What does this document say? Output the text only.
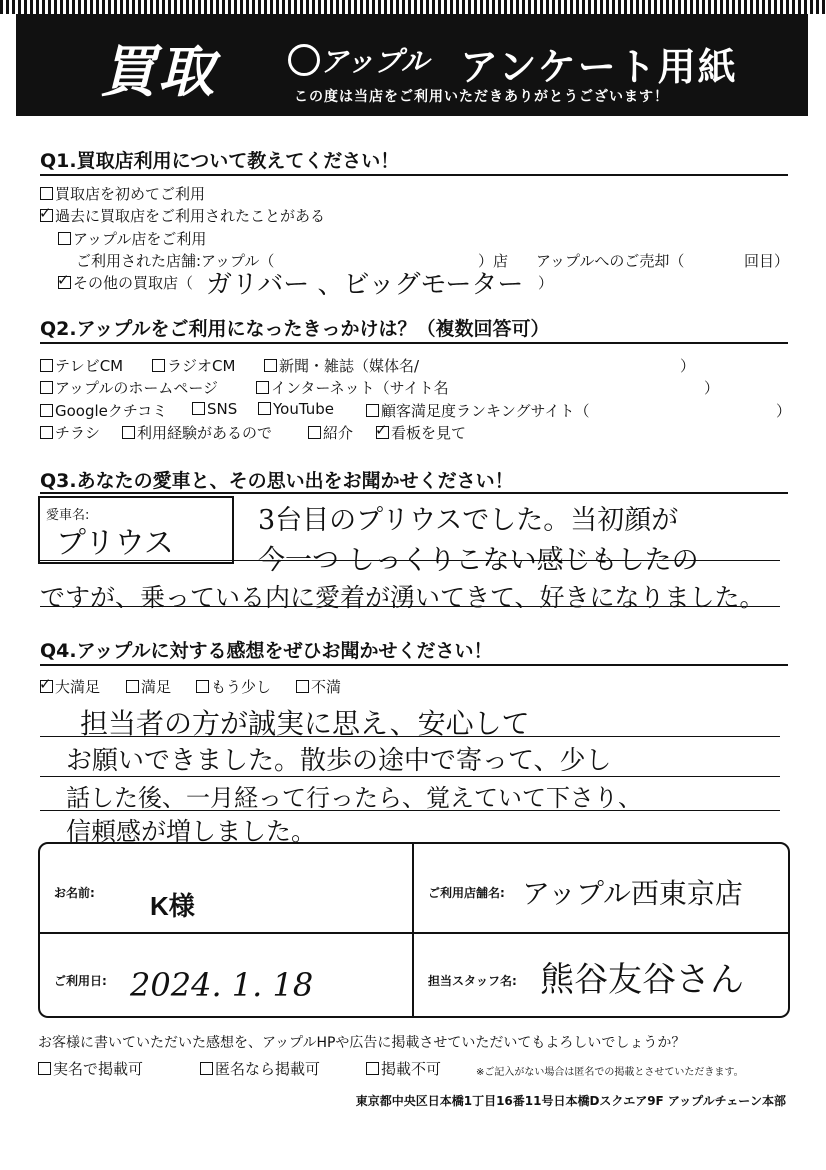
買取	アップル アンケート用紙
この度は当店をご利用いただきありがとうございます！
Q1.買取店利用について教えてください！
買取店を初めてご利用
✓過去に買取店をご利用されたことがある
アップル店をご利用
ご利用された店舗:アップル（	）店 アップルへのご売却（	回目）
✓その他の買取店（ ガリバー 、ビッグモーター ）
Q2.アップルをご利用になったきっかけは？（複数回答可）
テレビCM	ラジオCM	新聞・雑誌（媒体名/	）
アップルのホームページ	インターネット（サイト名	）
Googleクチコミ	SNS	YouTube	顧客満足度ランキングサイト（	）
チラシ	利用経験があるので	紹介
✓	看板を見て
Q3.あなたの愛車と、その思い出をお聞かせください！
愛車名:
プリウス
3台目のプリウスでした。当初顔が
今一つ しっくりこない感じもしたの
ですが、乗っている内に愛着が湧いてきて、好きになりました。
Q4.アップルに対する感想をぜひお聞かせください！
✓大満足	満足	もう少し	不満
担当者の方が誠実に思え、安心して
お願いできました。散歩の途中で寄って、少し
話した後、一月経って行ったら、覚えていて下さり、
信頼感が増しました。
お名前: K様	ご利用店舗名: アップル西東京店
ご利用日: 2024. 1. 18	担当スタッフ名: 熊谷友谷さん
お客様に書いていただいた感想を、アップルHPや広告に掲載させていただいてもよろしいでしょうか？
実名で掲載可	匿名なら掲載可	掲載不可	※ご記入がない場合は匿名での掲載とさせていただきます。
東京都中央区日本橋1丁目16番11号日本橋Dスクエア9F アップルチェーン本部
